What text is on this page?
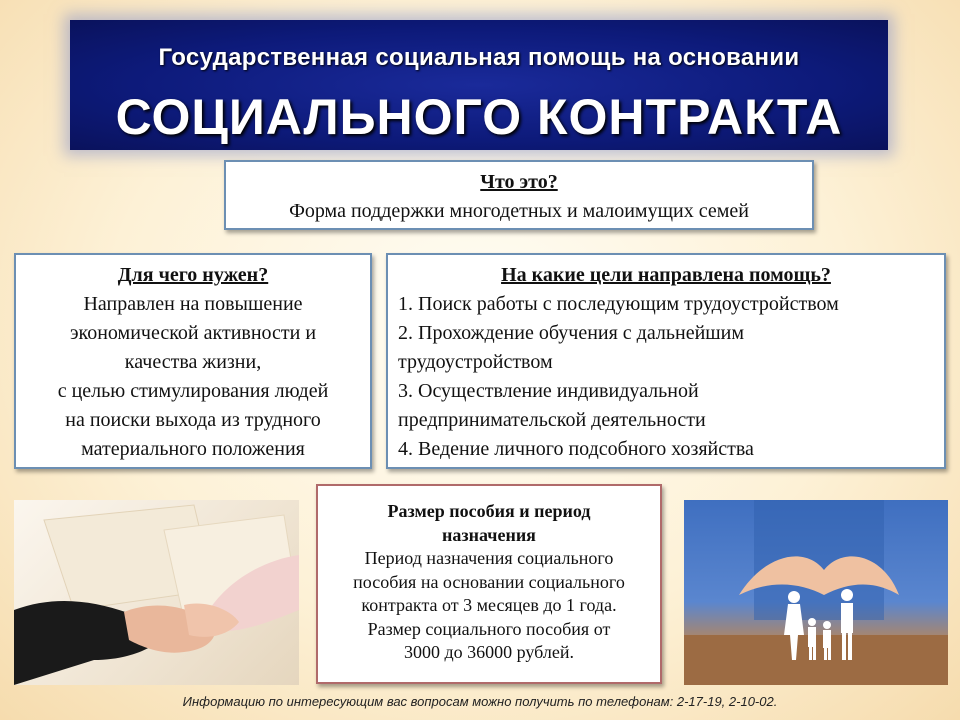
Государственная социальная помощь на основании
СОЦИАЛЬНОГО КОНТРАКТА
Что это?
Форма поддержки многодетных и малоимущих семей
Для чего нужен?
Направлен на повышение
экономической активности и
качества жизни,
с целью стимулирования людей
на поиски выхода из трудного
материального положения
На какие цели направлена помощь?
1. Поиск работы с последующим трудоустройством
2. Прохождение обучения с дальнейшим
трудоустройством
3. Осуществление индивидуальной
предпринимательской деятельности
4. Ведение личного подсобного хозяйства
Размер пособия и период
назначения
Период назначения социального
пособия на основании социального
контракта от 3 месяцев до 1 года.
Размер социального пособия от
3000 до 36000 рублей.
Информацию по интересующим вас вопросам можно получить по телефонам: 2-17-19, 2-10-02.
